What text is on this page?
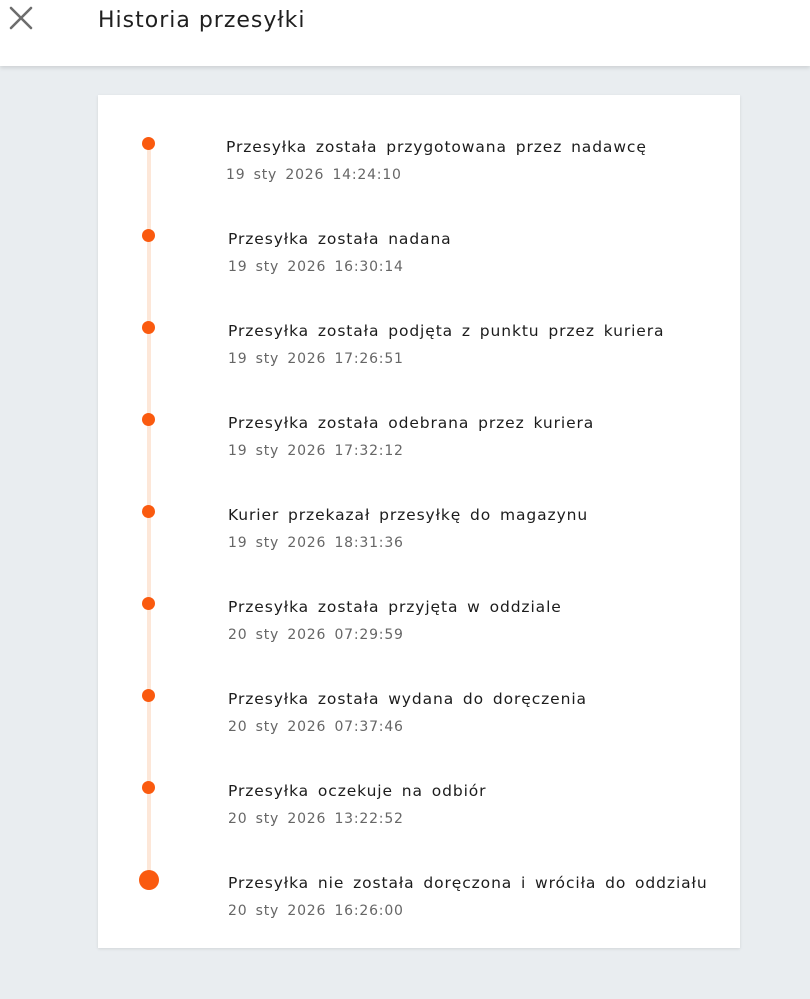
Historia przesyłki
Przesyłka została przygotowana przez nadawcę
19 sty 2026 14:24:10
Przesyłka została nadana
19 sty 2026 16:30:14
Przesyłka została podjęta z punktu przez kuriera
19 sty 2026 17:26:51
Przesyłka została odebrana przez kuriera
19 sty 2026 17:32:12
Kurier przekazał przesyłkę do magazynu
19 sty 2026 18:31:36
Przesyłka została przyjęta w oddziale
20 sty 2026 07:29:59
Przesyłka została wydana do doręczenia
20 sty 2026 07:37:46
Przesyłka oczekuje na odbiór
20 sty 2026 13:22:52
Przesyłka nie została doręczona i wróciła do oddziału
20 sty 2026 16:26:00
